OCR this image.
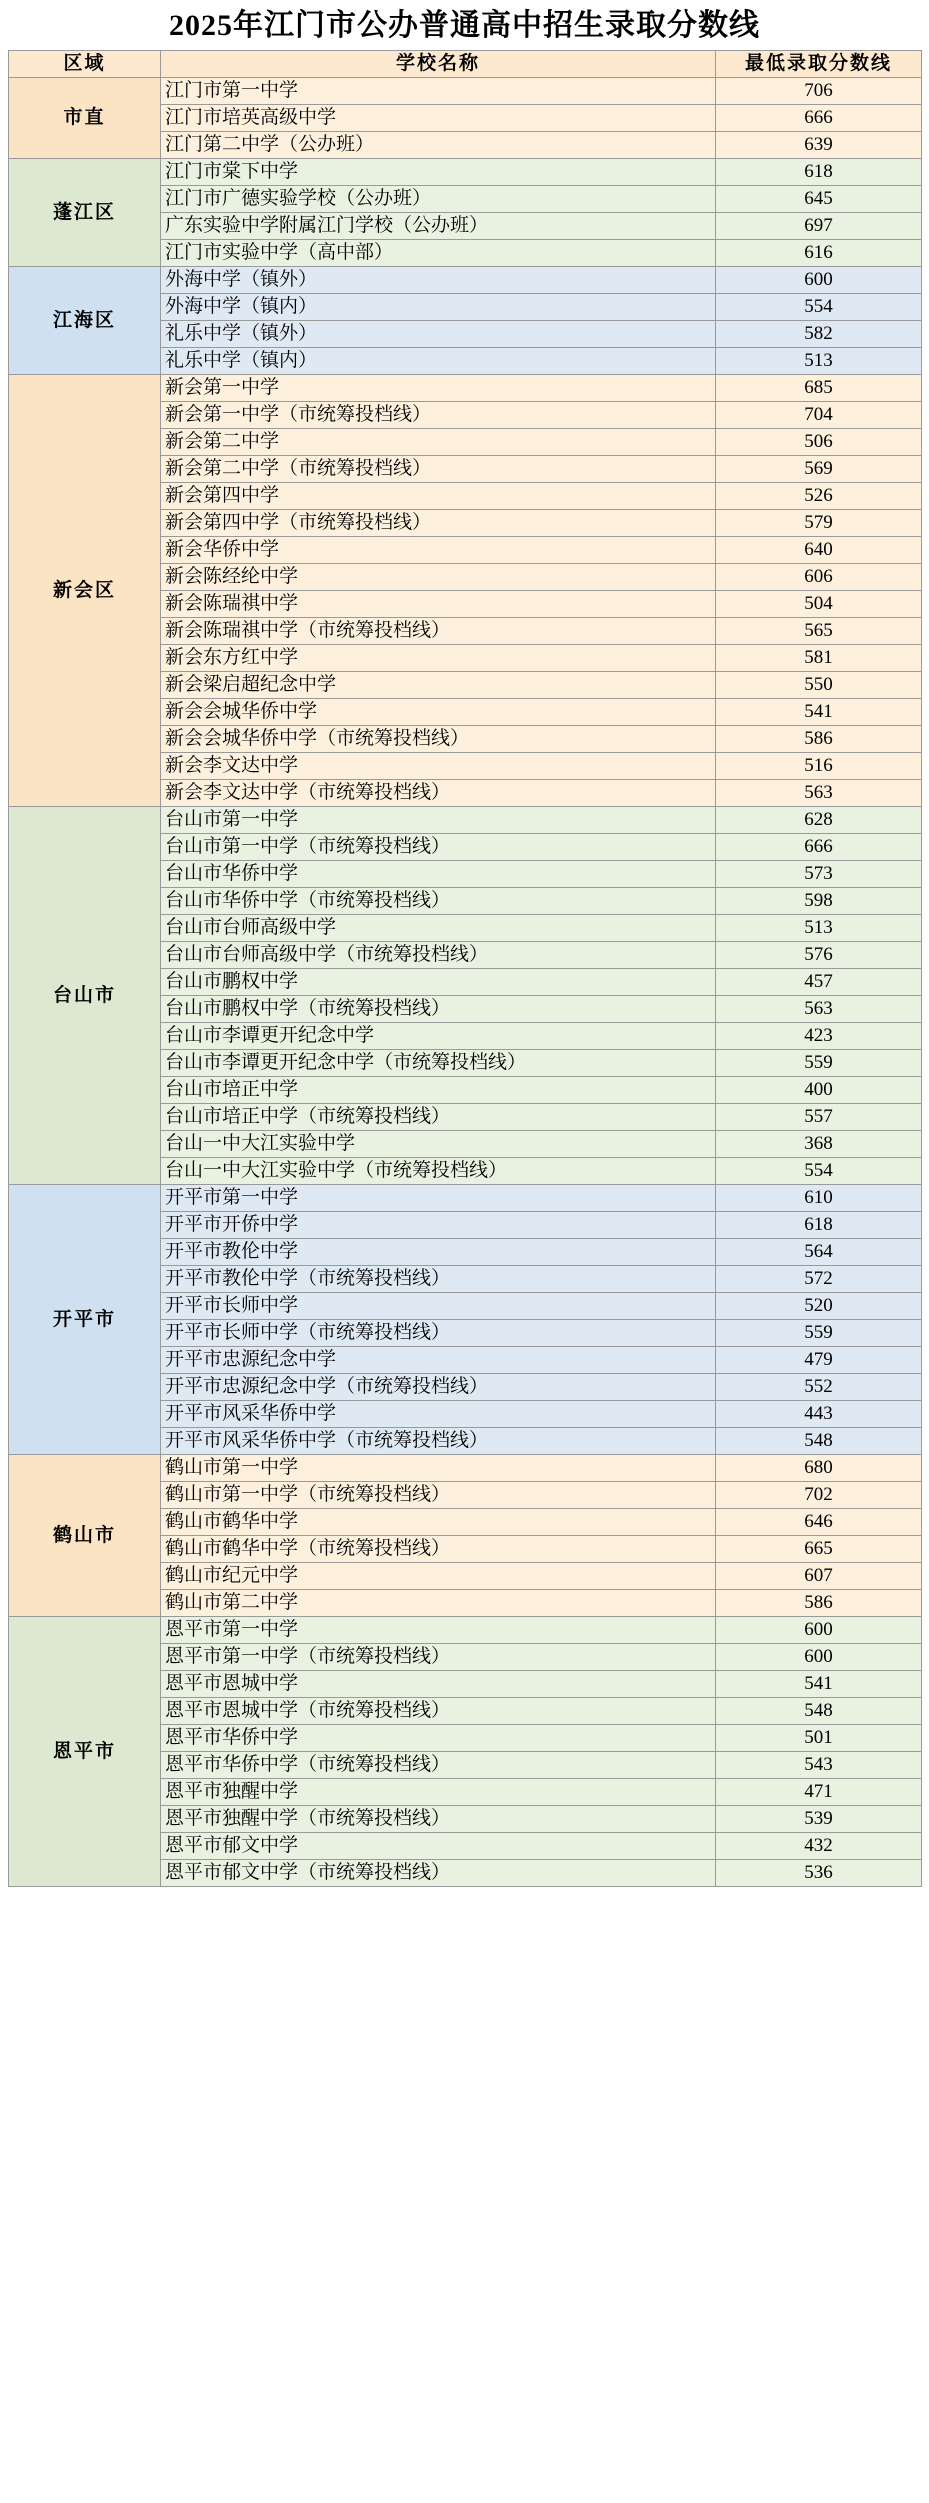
2025年江门市公办普通高中招生录取分数线
区域	学校名称	最低录取分数线
市直	江门市第一中学	706
	江门市培英高级中学	666
	江门第二中学（公办班）	639
蓬江区	江门市棠下中学	618
	江门市广德实验学校（公办班）	645
	广东实验中学附属江门学校（公办班）	697
	江门市实验中学（高中部）	616
江海区	外海中学（镇外）	600
	外海中学（镇内）	554
	礼乐中学（镇外）	582
	礼乐中学（镇内）	513
新会区	新会第一中学	685
	新会第一中学（市统筹投档线）	704
	新会第二中学	506
	新会第二中学（市统筹投档线）	569
	新会第四中学	526
	新会第四中学（市统筹投档线）	579
	新会华侨中学	640
	新会陈经纶中学	606
	新会陈瑞祺中学	504
	新会陈瑞祺中学（市统筹投档线）	565
	新会东方红中学	581
	新会梁启超纪念中学	550
	新会会城华侨中学	541
	新会会城华侨中学（市统筹投档线）	586
	新会李文达中学	516
	新会李文达中学（市统筹投档线）	563
台山市	台山市第一中学	628
	台山市第一中学（市统筹投档线）	666
	台山市华侨中学	573
	台山市华侨中学（市统筹投档线）	598
	台山市台师高级中学	513
	台山市台师高级中学（市统筹投档线）	576
	台山市鹏权中学	457
	台山市鹏权中学（市统筹投档线）	563
	台山市李谭更开纪念中学	423
	台山市李谭更开纪念中学（市统筹投档线）	559
	台山市培正中学	400
	台山市培正中学（市统筹投档线）	557
	台山一中大江实验中学	368
	台山一中大江实验中学（市统筹投档线）	554
开平市	开平市第一中学	610
	开平市开侨中学	618
	开平市教伦中学	564
	开平市教伦中学（市统筹投档线）	572
	开平市长师中学	520
	开平市长师中学（市统筹投档线）	559
	开平市忠源纪念中学	479
	开平市忠源纪念中学（市统筹投档线）	552
	开平市风采华侨中学	443
	开平市风采华侨中学（市统筹投档线）	548
鹤山市	鹤山市第一中学	680
	鹤山市第一中学（市统筹投档线）	702
	鹤山市鹤华中学	646
	鹤山市鹤华中学（市统筹投档线）	665
	鹤山市纪元中学	607
	鹤山市第二中学	586
恩平市	恩平市第一中学	600
	恩平市第一中学（市统筹投档线）	600
	恩平市恩城中学	541
	恩平市恩城中学（市统筹投档线）	548
	恩平市华侨中学	501
	恩平市华侨中学（市统筹投档线）	543
	恩平市独醒中学	471
	恩平市独醒中学（市统筹投档线）	539
	恩平市郁文中学	432
	恩平市郁文中学（市统筹投档线）	536
